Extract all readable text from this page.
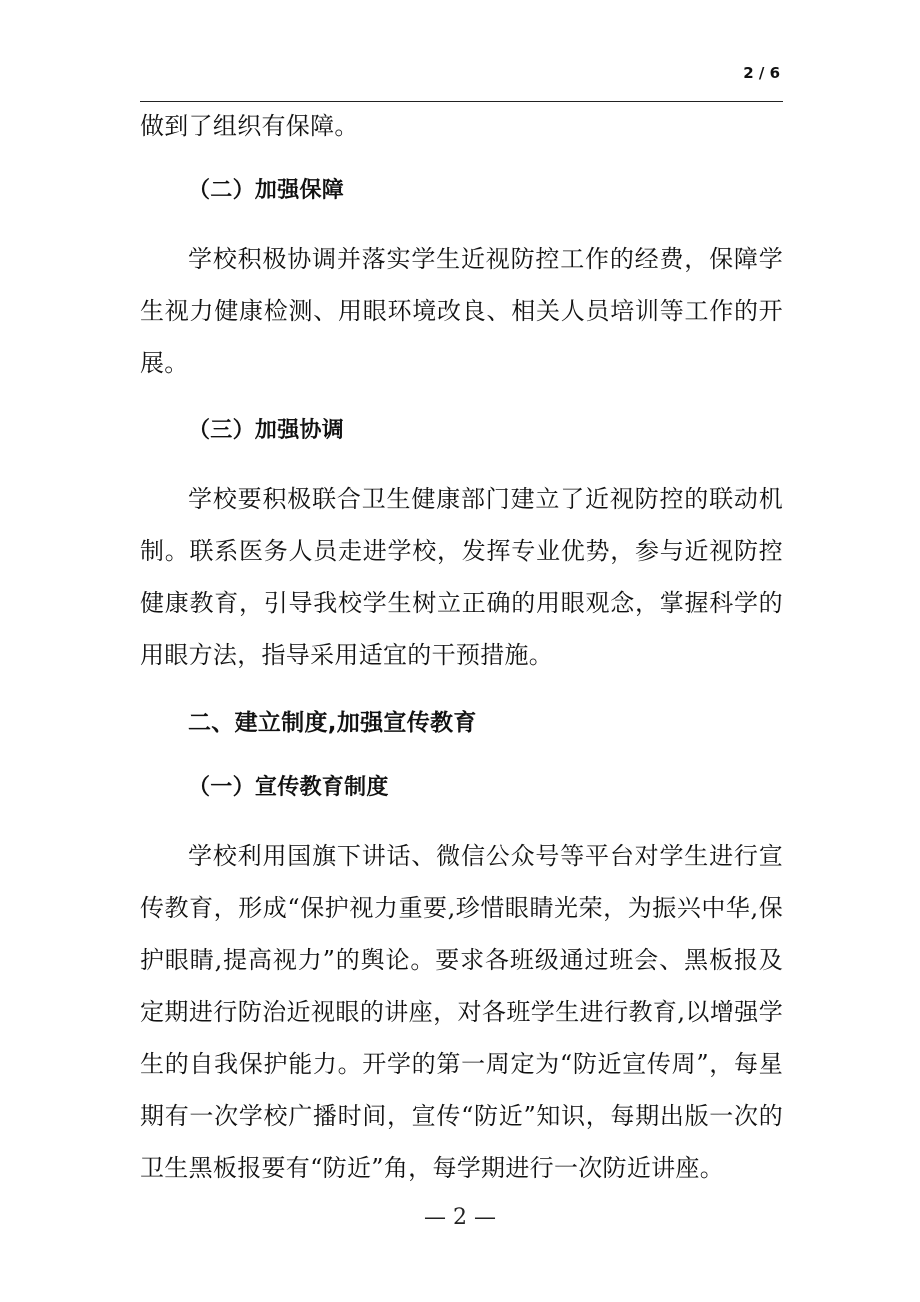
2 / 6

做到了组织有保障。

（二）加强保障

学校积极协调并落实学生近视防控工作的经费，保障学生视力健康检测、用眼环境改良、相关人员培训等工作的开展。

（三）加强协调

学校要积极联合卫生健康部门建立了近视防控的联动机制。联系医务人员走进学校，发挥专业优势，参与近视防控健康教育，引导我校学生树立正确的用眼观念，掌握科学的用眼方法，指导采用适宜的干预措施。

二、建立制度,加强宣传教育

（一）宣传教育制度

学校利用国旗下讲话、微信公众号等平台对学生进行宣传教育，形成“保护视力重要,珍惜眼睛光荣，为振兴中华,保护眼睛,提高视力”的舆论。要求各班级通过班会、黑板报及定期进行防治近视眼的讲座，对各班学生进行教育,以增强学生的自我保护能力。开学的第一周定为“防近宣传周”，每星期有一次学校广播时间，宣传“防近”知识，每期出版一次的卫生黑板报要有“防近”角，每学期进行一次防近讲座。

— 2 —
